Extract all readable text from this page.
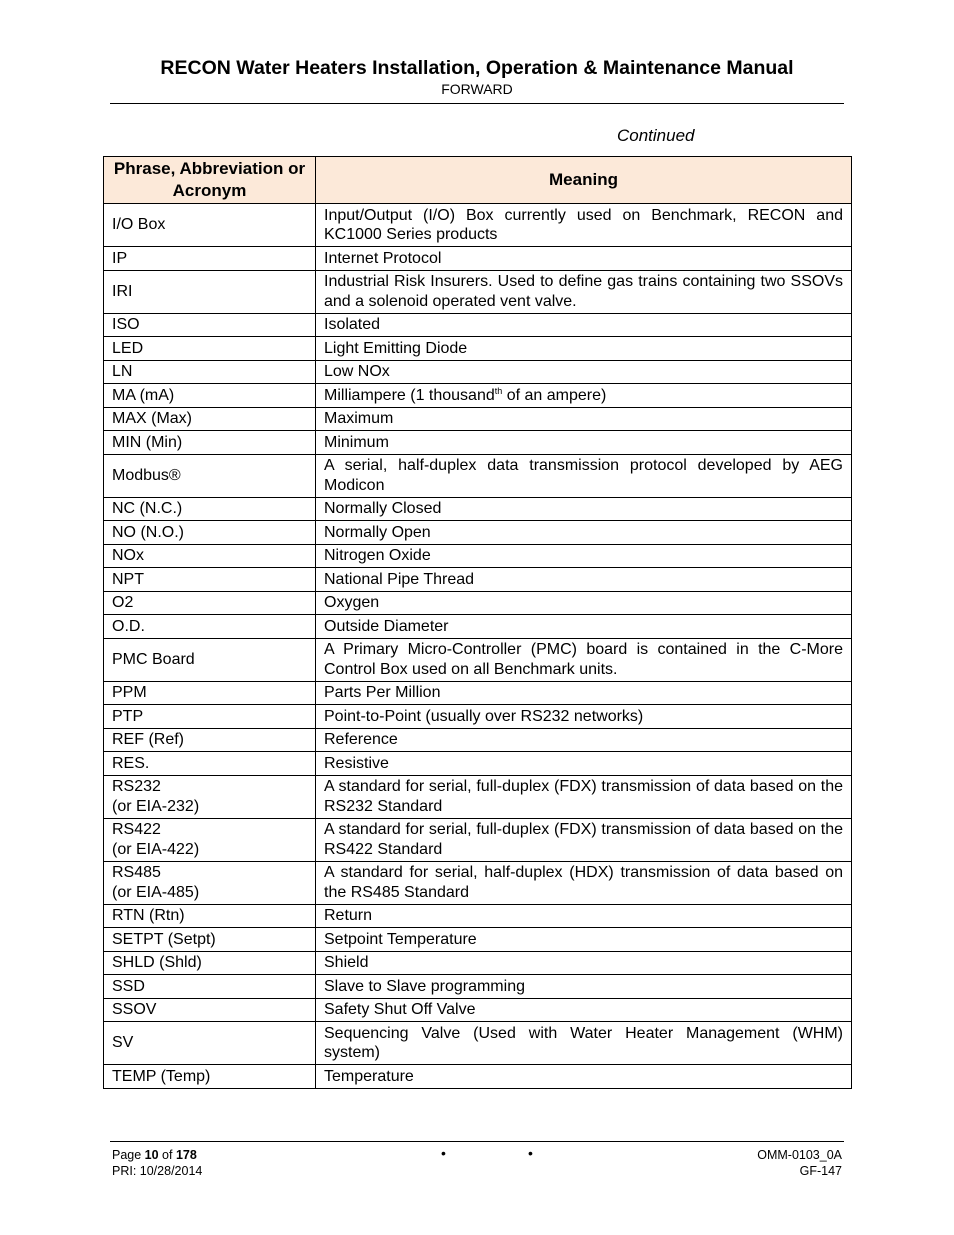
RECON Water Heaters Installation, Operation & Maintenance Manual
FORWARD
Continued
Phrase, Abbreviation or Acronym	Meaning

I/O Box	Input/Output (I/O) Box currently used on Benchmark, RECON and KC1000 Series products

IP	Internet Protocol

IRI	Industrial Risk Insurers. Used to define gas trains containing two SSOVs and a solenoid operated vent valve.

ISO	Isolated

LED	Light Emitting Diode

LN	Low NOx

MA (mA)	Milliampere (1 thousand$^{th}$ of an ampere)

MAX (Max)	Maximum

MIN (Min)	Minimum

Modbus®	A serial, half-duplex data transmission protocol developed by AEG Modicon

NC (N.C.)	Normally Closed

NO (N.O.)	Normally Open

NOx	Nitrogen Oxide

NPT	National Pipe Thread

O2	Oxygen

O.D.	Outside Diameter

PMC Board	A Primary Micro-Controller (PMC) board is contained in the C-More Control Box used on all Benchmark units.

PPM	Parts Per Million

PTP	Point-to-Point (usually over RS232 networks)

REF (Ref)	Reference

RES.	Resistive

RS232
(or EIA-232)	A standard for serial, full-duplex (FDX) transmission of data based on the RS232 Standard

RS422
(or EIA-422)	A standard for serial, full-duplex (FDX) transmission of data based on the RS422 Standard

RS485
(or EIA-485)	A standard for serial, half-duplex (HDX) transmission of data based on the RS485 Standard

RTN (Rtn)	Return

SETPT (Setpt)	Setpoint Temperature

SHLD (Shld)	Shield

SSD	Slave to Slave programming

SSOV	Safety Shut Off Valve

SV	Sequencing Valve (Used with Water Heater Management (WHM) system)

TEMP (Temp)	Temperature
Page 10 of 178
PRI: 10/28/2014
•	•	OMM-0103_0A
GF-147
